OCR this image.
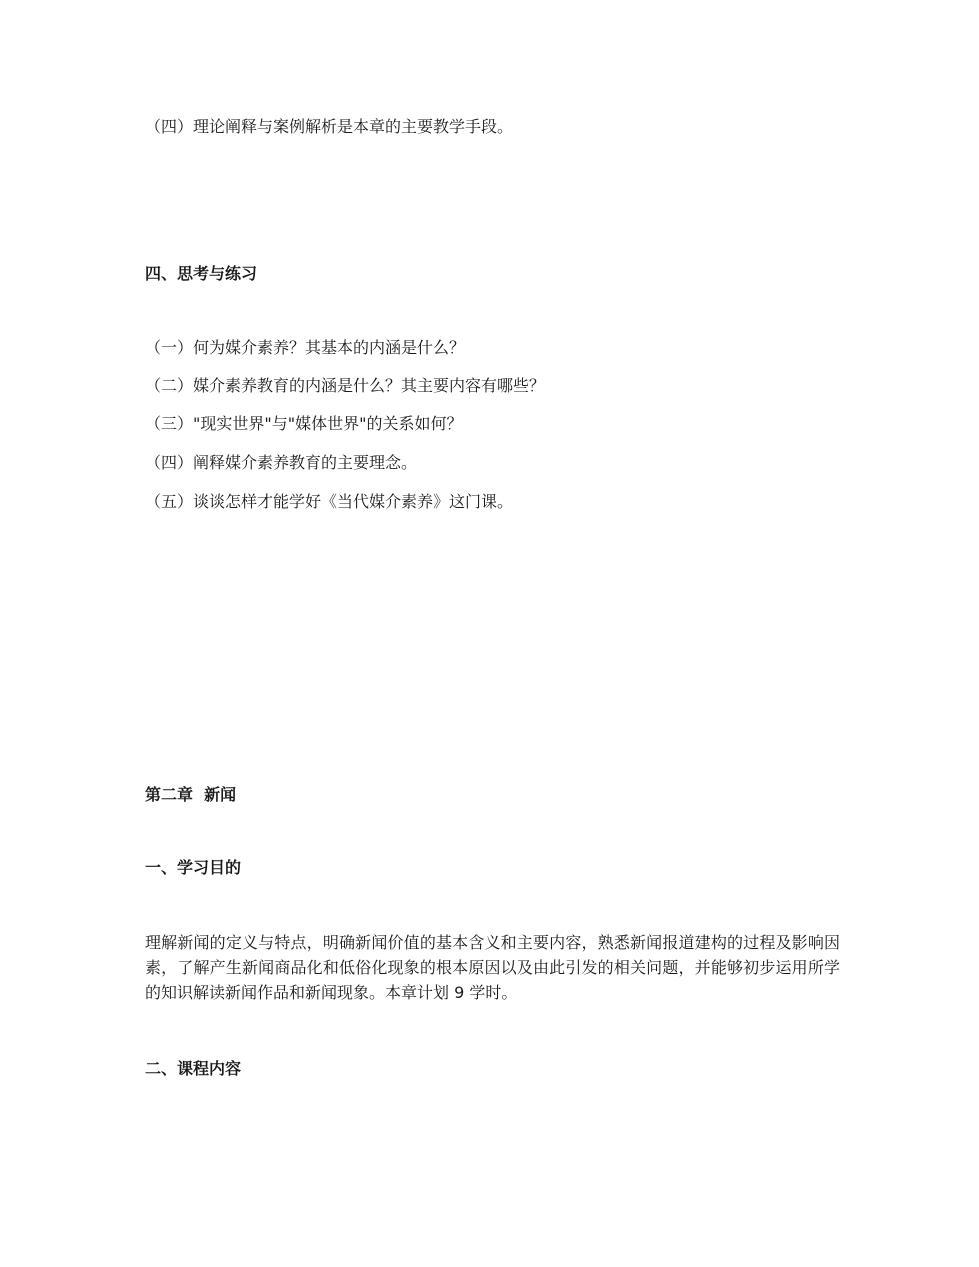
（四）理论阐释与案例解析是本章的主要教学手段。
四、思考与练习
（一）何为媒介素养？其基本的内涵是什么？
（二）媒介素养教育的内涵是什么？其主要内容有哪些？
（三）"现实世界"与"媒体世界"的关系如何？
（四）阐释媒介素养教育的主要理念。
（五）谈谈怎样才能学好《当代媒介素养》这门课。
第二章  新闻
一、学习目的
理解新闻的定义与特点，明确新闻价值的基本含义和主要内容，熟悉新闻报道建构的过程及影响因素，了解产生新闻商品化和低俗化现象的根本原因以及由此引发的相关问题，并能够初步运用所学的知识解读新闻作品和新闻现象。本章计划 9 学时。
二、课程内容
